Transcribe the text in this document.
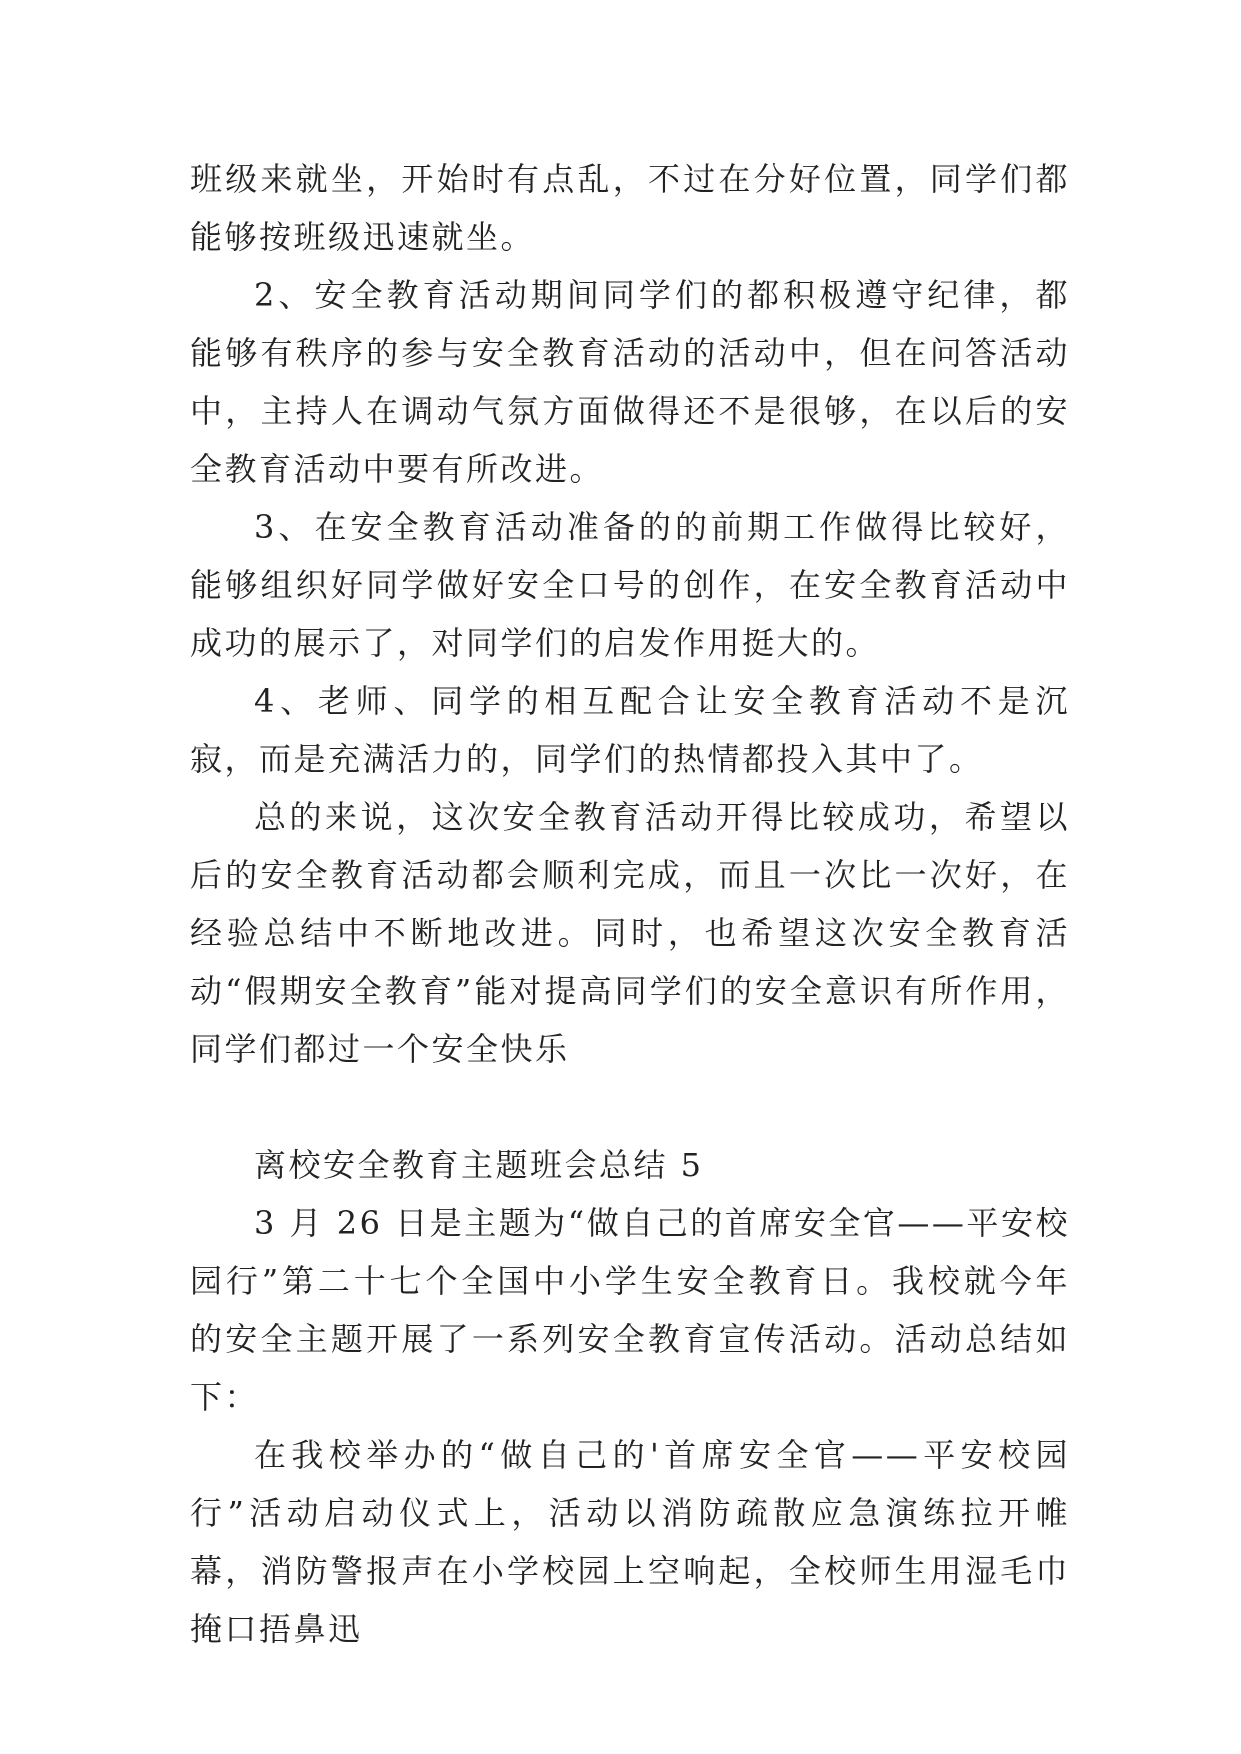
班级来就坐，开始时有点乱，不过在分好位置，同学们都能够按班级迅速就坐。

2、安全教育活动期间同学们的都积极遵守纪律，都能够有秩序的参与安全教育活动的活动中，但在问答活动中，主持人在调动气氛方面做得还不是很够，在以后的安全教育活动中要有所改进。

3、在安全教育活动准备的的前期工作做得比较好，能够组织好同学做好安全口号的创作，在安全教育活动中成功的展示了，对同学们的启发作用挺大的。

4、老师、同学的相互配合让安全教育活动不是沉寂，而是充满活力的，同学们的热情都投入其中了。

总的来说，这次安全教育活动开得比较成功，希望以后的安全教育活动都会顺利完成，而且一次比一次好，在经验总结中不断地改进。同时，也希望这次安全教育活动“假期安全教育”能对提高同学们的安全意识有所作用，同学们都过一个安全快乐

离校安全教育主题班会总结 5

3 月 26 日是主题为“做自己的首席安全官——平安校园行”第二十七个全国中小学生安全教育日。我校就今年的安全主题开展了一系列安全教育宣传活动。活动总结如下：

在我校举办的“做自己的'首席安全官——平安校园行”活动启动仪式上，活动以消防疏散应急演练拉开帷幕，消防警报声在小学校园上空响起，全校师生用湿毛巾掩口捂鼻迅
